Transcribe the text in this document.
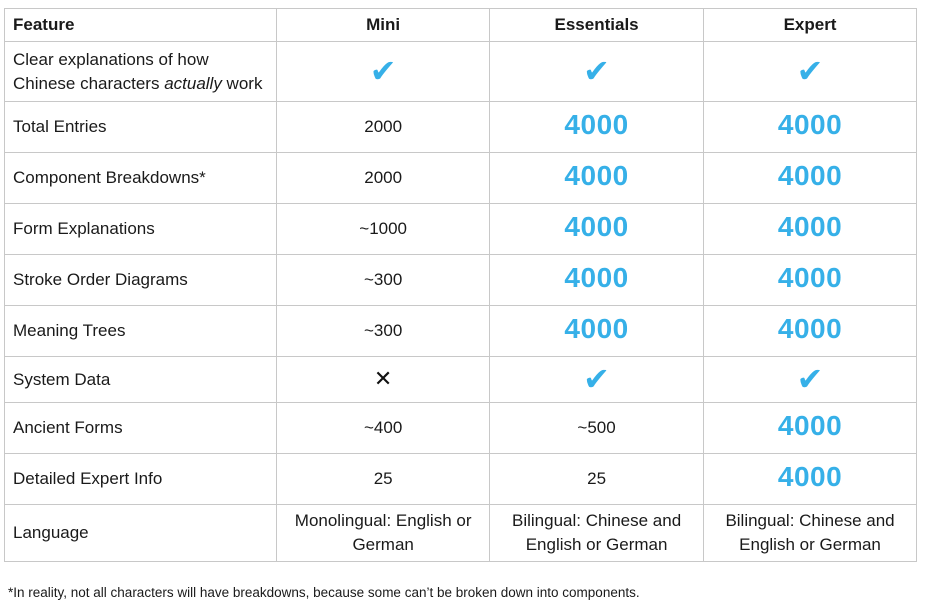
Feature	Mini	Essentials	Expert
Clear explanations of how Chinese characters actually work	✔	✔	✔
Total Entries	2000	4000	4000
Component Breakdowns*	2000	4000	4000
Form Explanations	~1000	4000	4000
Stroke Order Diagrams	~300	4000	4000
Meaning Trees	~300	4000	4000
System Data	✕	✔	✔
Ancient Forms	~400	~500	4000
Detailed Expert Info	25	25	4000
Language	Monolingual: English or German	Bilingual: Chinese and English or German	Bilingual: Chinese and English or German
*In reality, not all characters will have breakdowns, because some can’t be broken down into components.
